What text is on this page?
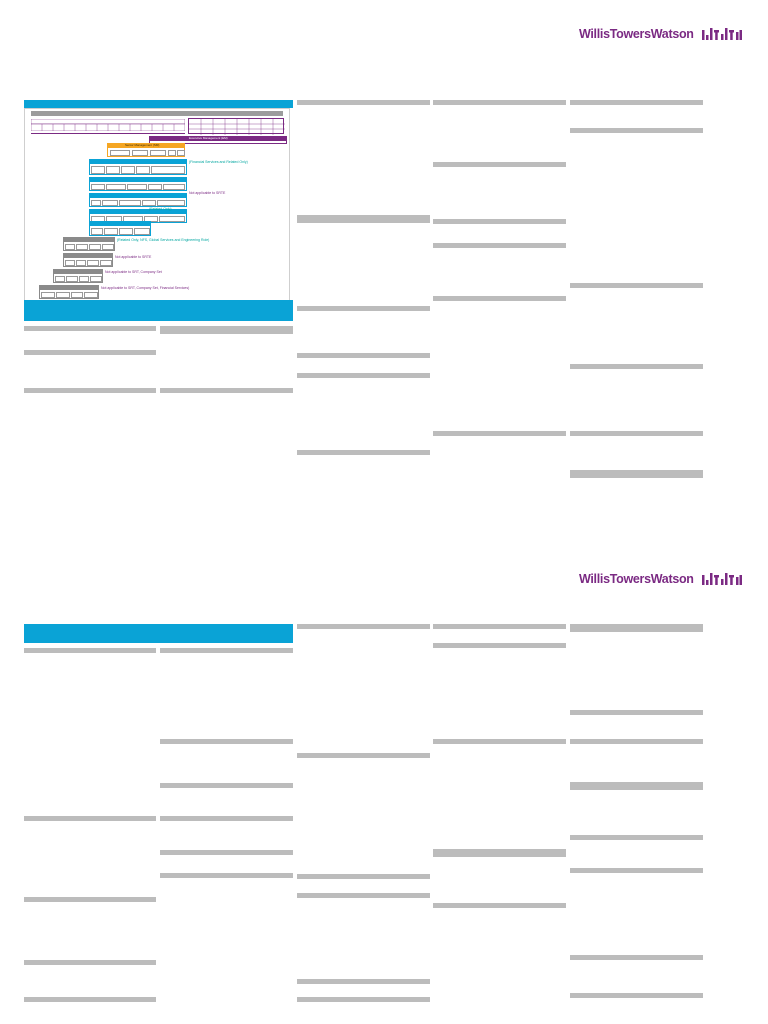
WillisTowersWatson
Executive Management (EM)
Senior Management (SM)
(Financial Services and Related Only)
Not applicable to SRTE
(Related Only)
(Related Only, NFS, Global Services and Engineering Role)
Not applicable to SRTE
Not applicable to SRT, Company Set
Not applicable to SRT, Company Set, Financial Services)
WillisTowersWatson
